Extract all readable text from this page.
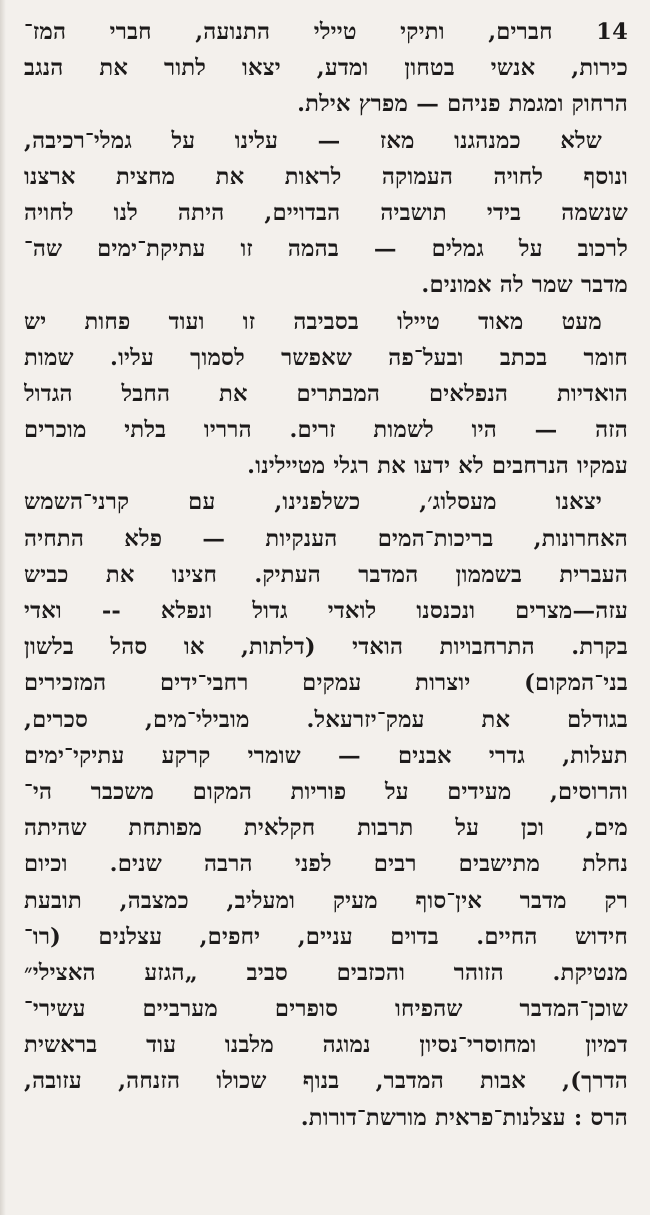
14 חברים, ותיקי טיילי התנועה, חברי המז־
כירות, אנשי בטחון ומדע, יצאו לתור את הנגב
הרחוק ומגמת פניהם — מפרץ אילת.
שלא כמנהגנו מאז — עלינו על גמלי־רכיבה,
ונוסף לחויה העמוקה לראות את מחצית ארצנו
שנשמה בידי תושביה הבדויים, היתה לנו לחויה
לרכוב על גמלים — בהמה זו עתיקת־ימים שה־
מדבר שמר לה אמונים.
מעט מאוד טיילו בסביבה זו ועוד פחות יש
חומר בכתב ובעל־פה שאפשר לסמוך עליו. שמות
הואדיות הנפלאים המבתרים את החבל הגדול
הזה — היו לשמות זרים. הרריו בלתי מוכרים
עמקיו הנרחבים לא ידעו את רגלי מטיילינו.
יצאנו מעסלוג׳, כשלפנינו, עם קרני־השמש
האחרונות, בריכות־המים הענקיות — פלא התחיה
העברית בשממון המדבר העתיק. חצינו את כביש
עזה—מצרים ונכנסנו לואדי גדול ונפלא -- ואדי
בקרת. התרחבויות הואדי (דלתות, או סהל בלשון
בני־המקום) יוצרות עמקים רחבי־ידים המזכירים
בגודלם את עמק־יזרעאל. מובילי־מים, סכרים,
תעלות, גדרי אבנים — שומרי קרקע עתיקי־ימים
והרוסים, מעידים על פוריות המקום משכבר הי־
מים, וכן על תרבות חקלאית מפותחת שהיתה
נחלת מתישבים רבים לפני הרבה שנים. וכיום
רק מדבר אין־סוף מעיק ומעליב, כמצבה, תובעת
חידוש החיים. בדוים עניים, יחפים, עצלנים (רו־
מנטיקת. הזוהר והכזבים סביב „הגזע האצילי״
שוכן־המדבר שהפיחו סופרים מערביים עשירי־
דמיון ומחוסרי־נסיון נמוגה מלבנו עוד בראשית
הדרך), אבות המדבר, בנוף שכולו הזנחה, עזובה,
הרס : עצלנות־פראית מורשת־דורות.
